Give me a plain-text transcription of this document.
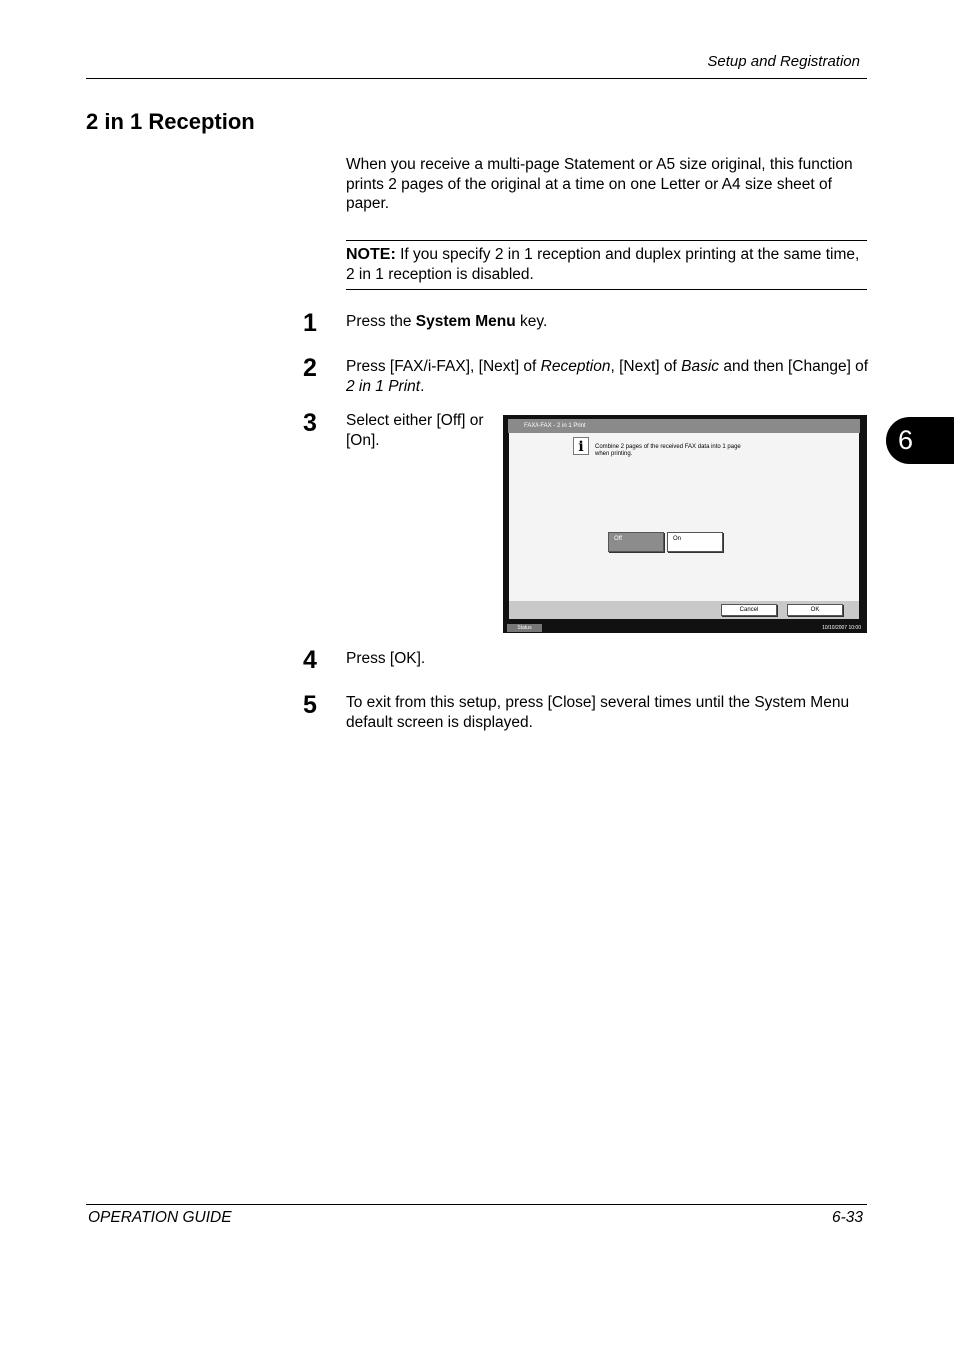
Setup and Registration
2 in 1 Reception
When you receive a multi-page Statement or A5 size original, this function prints 2 pages of the original at a time on one Letter or A4 size sheet of paper.
NOTE: If you specify 2 in 1 reception and duplex printing at the same time, 2 in 1 reception is disabled.
1 Press the System Menu key.
2 Press [FAX/i-FAX], [Next] of Reception, [Next] of Basic and then [Change] of 2 in 1 Print.
3 Select either [Off] or [On].
FAX/i-FAX - 2 in 1 Print
i	Combine 2 pages of the received FAX data into 1 page when printing.
Off	On
Cancel	OK
Status	10/10/2007 10:00
4 Press [OK].
5 To exit from this setup, press [Close] several times until the System Menu default screen is displayed.
6
OPERATION GUIDE	6-33
